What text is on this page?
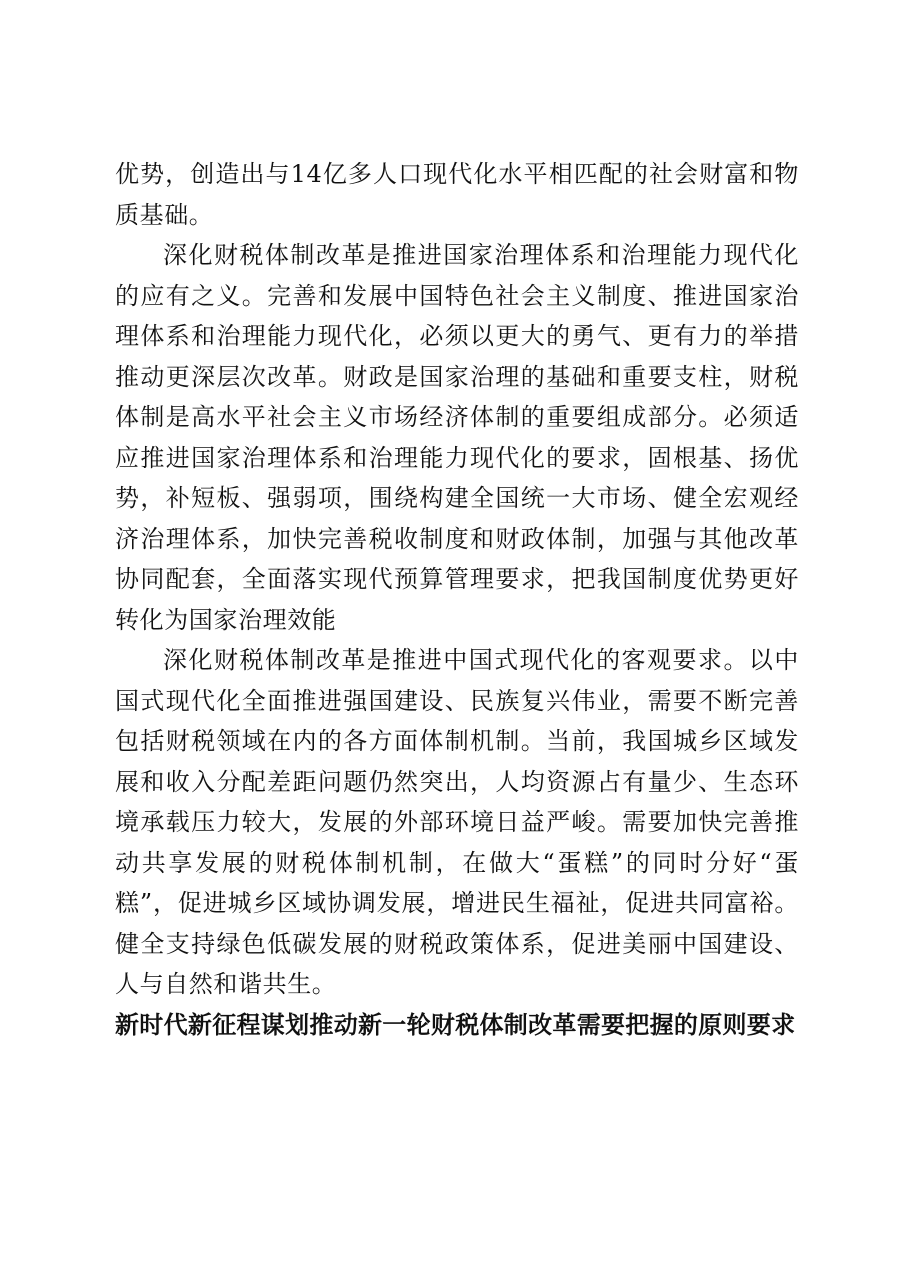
优势，创造出与14亿多人口现代化水平相匹配的社会财富和物质基础。

深化财税体制改革是推进国家治理体系和治理能力现代化的应有之义。完善和发展中国特色社会主义制度、推进国家治理体系和治理能力现代化，必须以更大的勇气、更有力的举措推动更深层次改革。财政是国家治理的基础和重要支柱，财税体制是高水平社会主义市场经济体制的重要组成部分。必须适应推进国家治理体系和治理能力现代化的要求，固根基、扬优势，补短板、强弱项，围绕构建全国统一大市场、健全宏观经济治理体系，加快完善税收制度和财政体制，加强与其他改革协同配套，全面落实现代预算管理要求，把我国制度优势更好转化为国家治理效能

深化财税体制改革是推进中国式现代化的客观要求。以中国式现代化全面推进强国建设、民族复兴伟业，需要不断完善包括财税领域在内的各方面体制机制。当前，我国城乡区域发展和收入分配差距问题仍然突出，人均资源占有量少、生态环境承载压力较大，发展的外部环境日益严峻。需要加快完善推动共享发展的财税体制机制，在做大“蛋糕”的同时分好“蛋糕”，促进城乡区域协调发展，增进民生福祉，促进共同富裕。健全支持绿色低碳发展的财税政策体系，促进美丽中国建设、人与自然和谐共生。

新时代新征程谋划推动新一轮财税体制改革需要把握的原则要求
